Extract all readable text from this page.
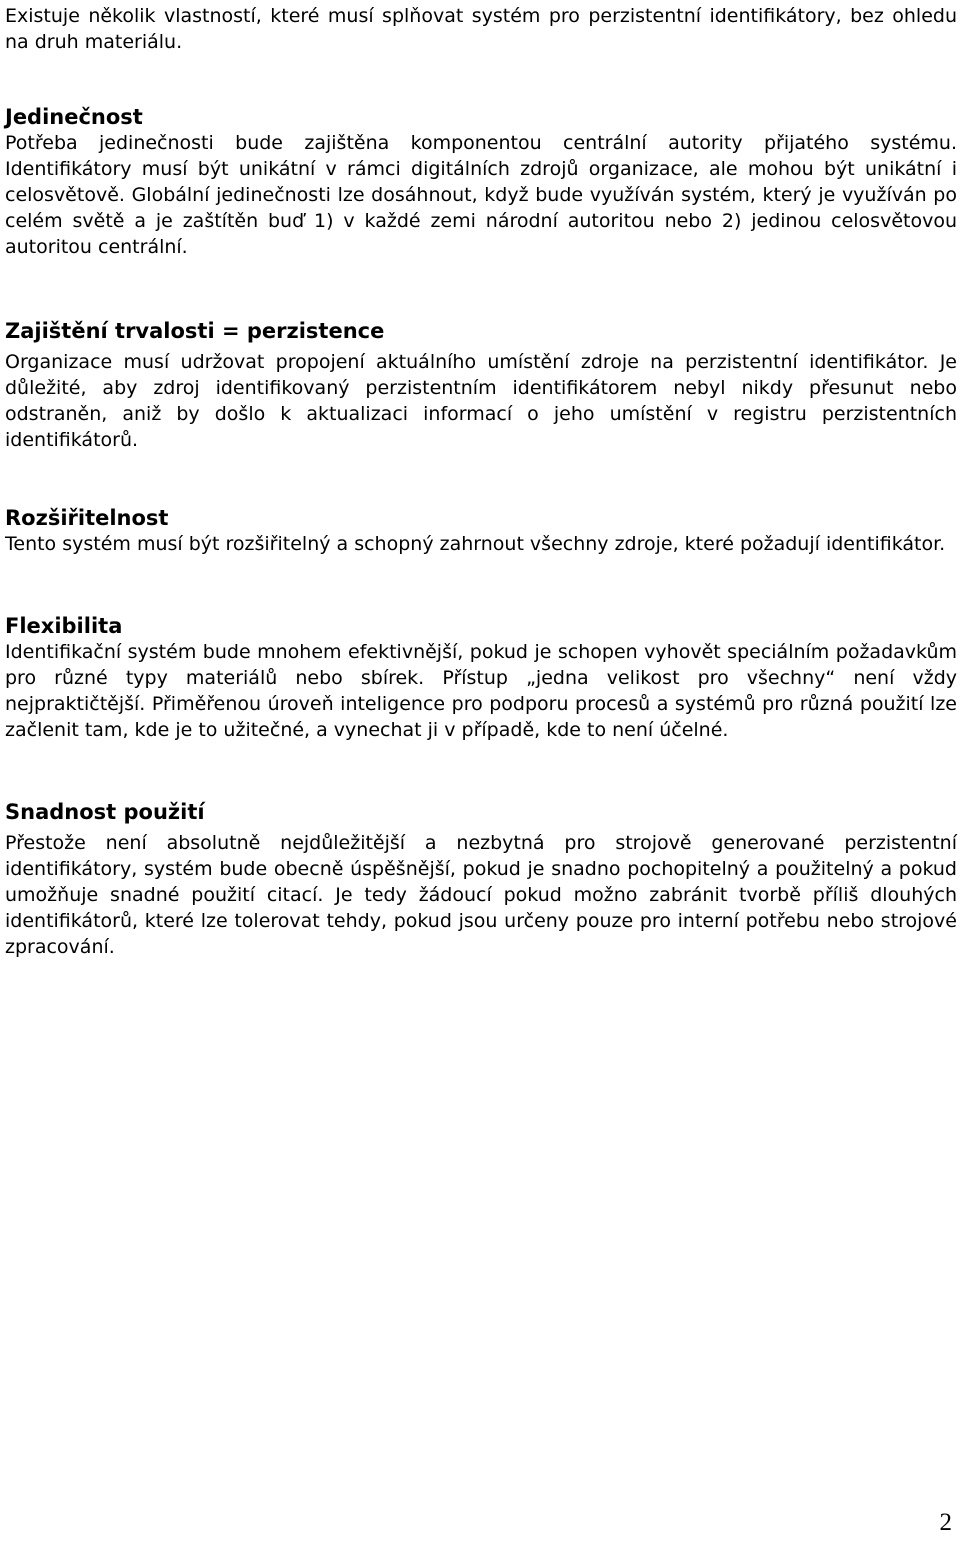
Existuje několik vlastností, které musí splňovat systém pro perzistentní identifikátory, bez ohledu na druh materiálu.

Jedinečnost

Potřeba jedinečnosti bude zajištěna komponentou centrální autority přijatého systému. Identifikátory musí být unikátní v rámci digitálních zdrojů organizace, ale mohou být unikátní i celosvětově. Globální jedinečnosti lze dosáhnout, když bude využíván systém, který je využíván po celém světě a je zaštítěn buď 1) v každé zemi národní autoritou nebo 2) jedinou celosvětovou autoritou centrální.

Zajištění trvalosti = perzistence

Organizace musí udržovat propojení aktuálního umístění zdroje na perzistentní identifikátor. Je důležité, aby zdroj identifikovaný perzistentním identifikátorem nebyl nikdy přesunut nebo odstraněn, aniž by došlo k aktualizaci informací o jeho umístění v registru perzistentních identifikátorů.

Rozšiřitelnost

Tento systém musí být rozšiřitelný a schopný zahrnout všechny zdroje, které požadují identifikátor.

Flexibilita

Identifikační systém bude mnohem efektivnější, pokud je schopen vyhovět speciálním požadavkům pro různé typy materiálů nebo sbírek. Přístup „jedna velikost pro všechny“ není vždy nejpraktičtější. Přiměřenou úroveň inteligence pro podporu procesů a systémů pro různá použití lze začlenit tam, kde je to užitečné, a vynechat ji v případě, kde to není účelné.

Snadnost použití

Přestože není absolutně nejdůležitější a nezbytná pro strojově generované perzistentní identifikátory, systém bude obecně úspěšnější, pokud je snadno pochopitelný a použitelný a pokud umožňuje snadné použití citací. Je tedy žádoucí pokud možno zabránit tvorbě příliš dlouhých identifikátorů, které lze tolerovat tehdy, pokud jsou určeny pouze pro interní potřebu nebo strojové zpracování.

2
